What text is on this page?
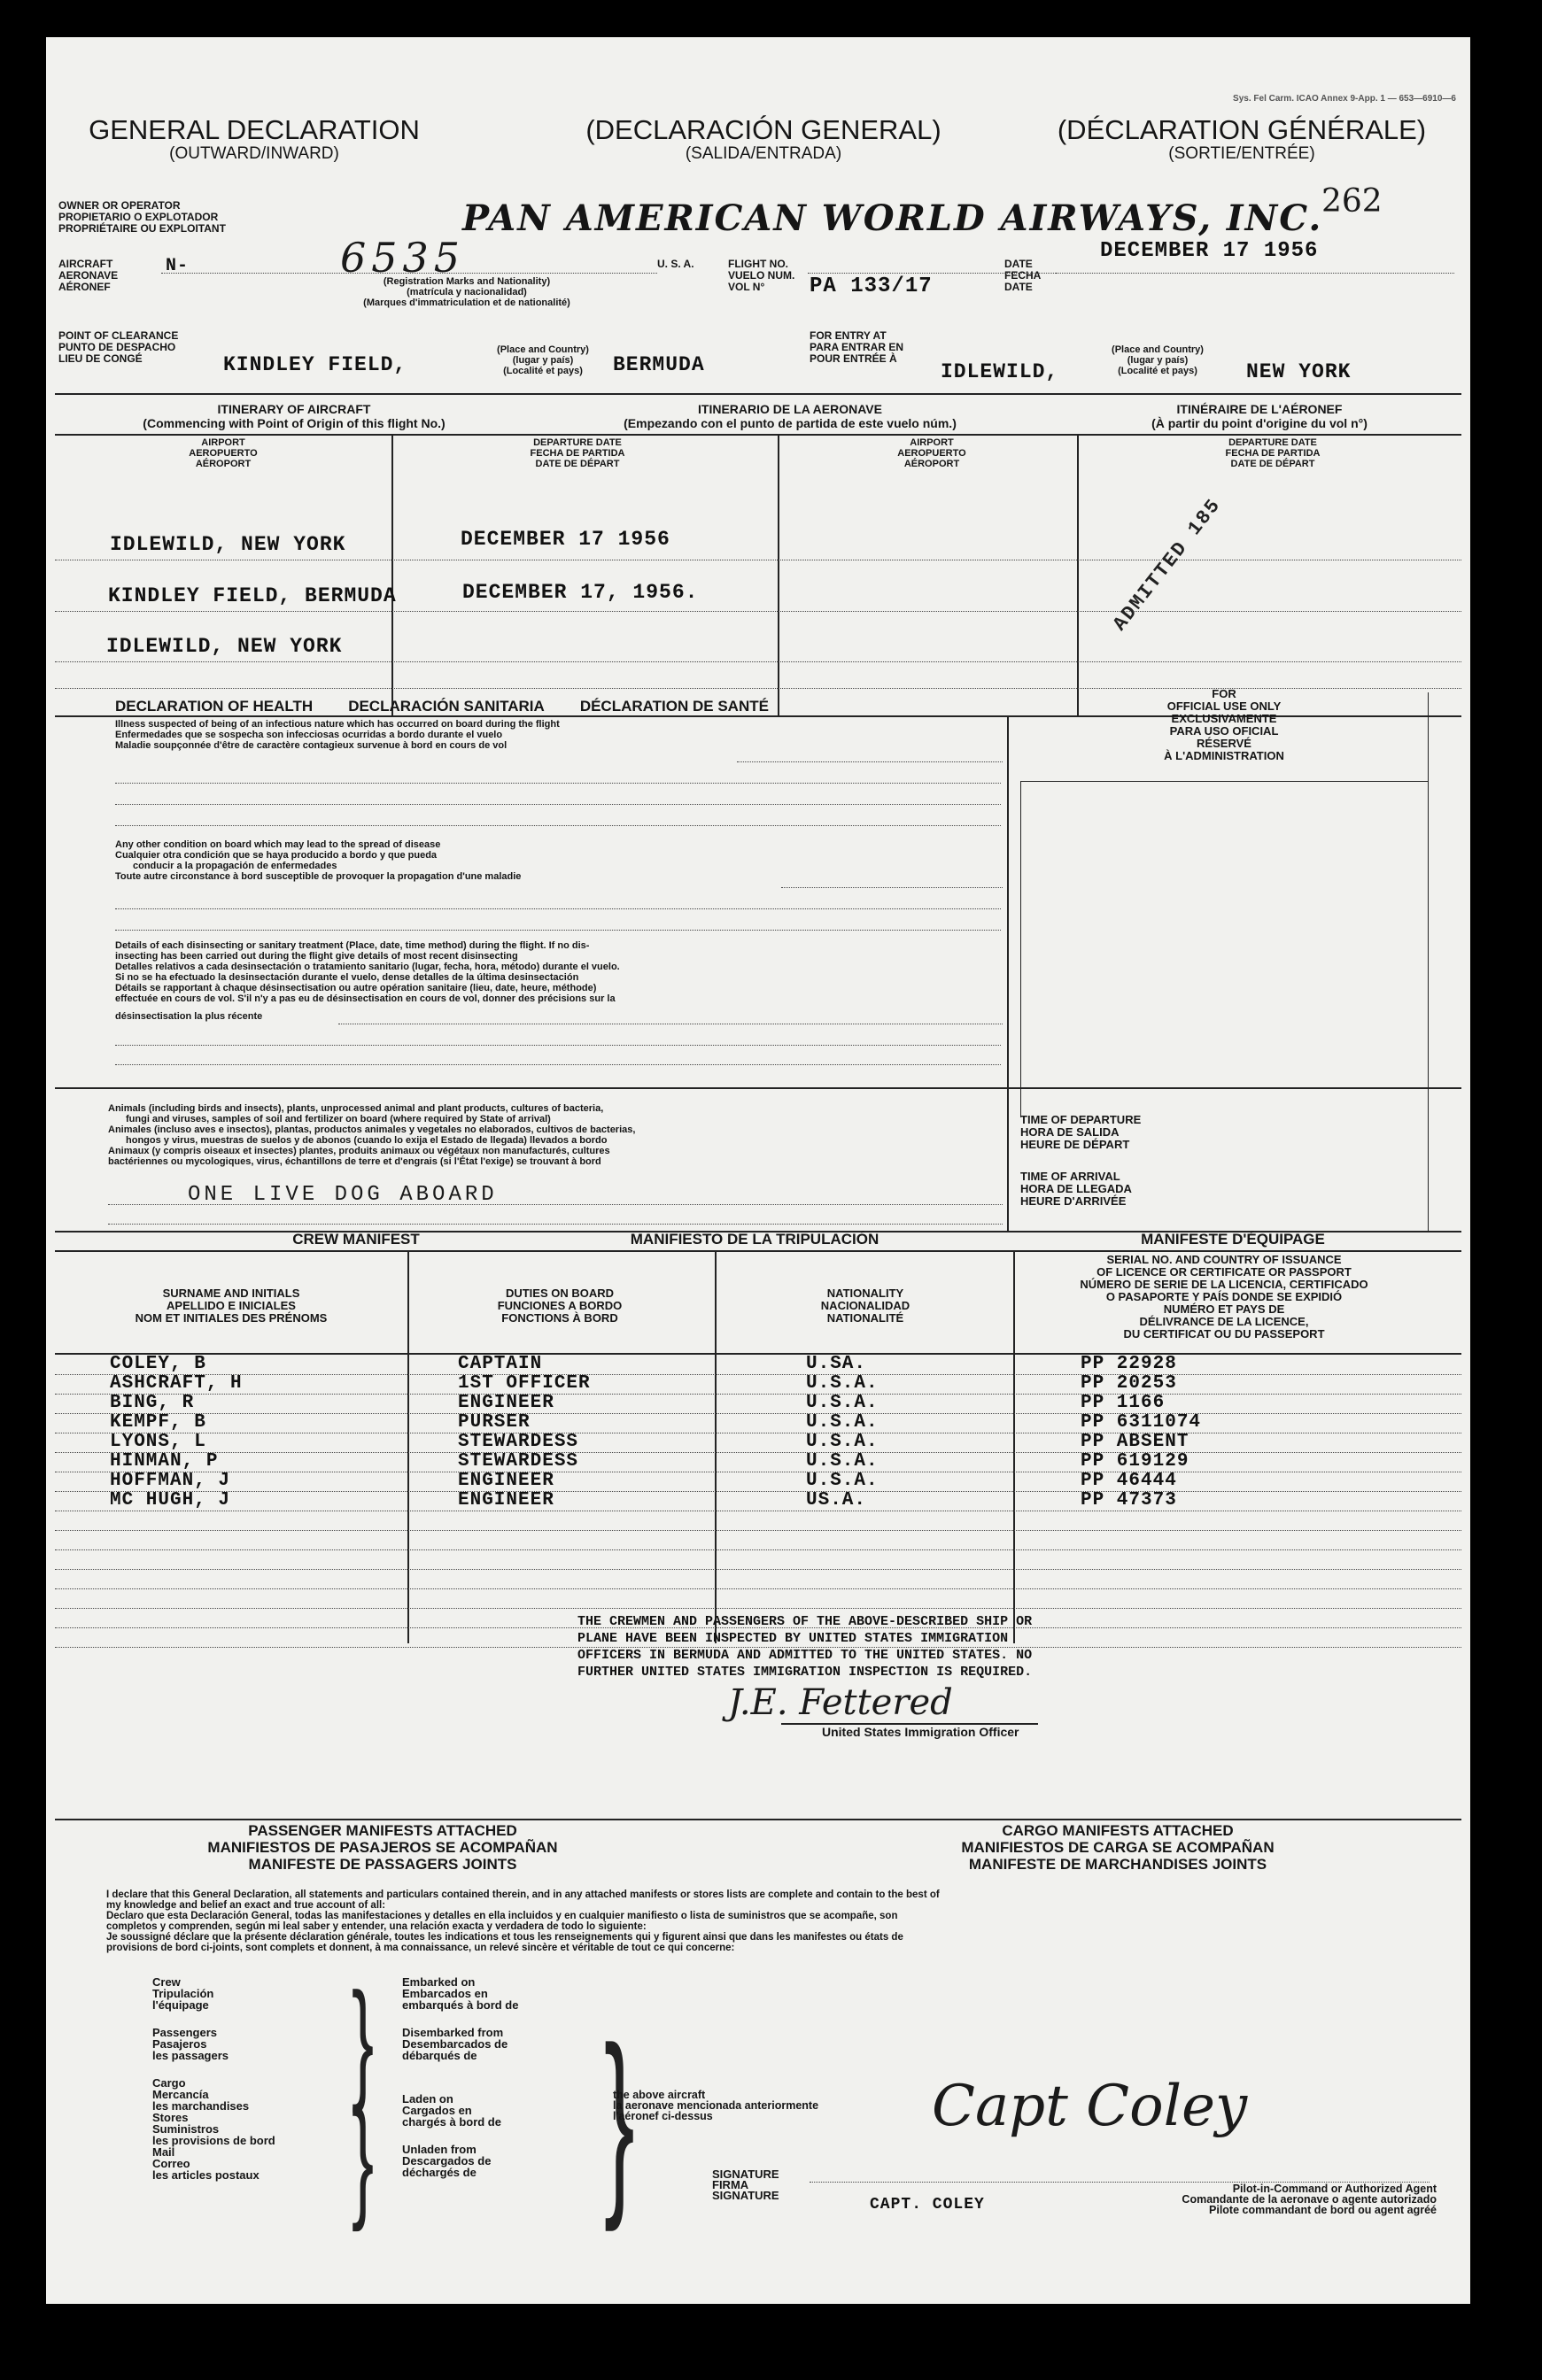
Sys. Fel Carm. ICAO Annex 9-App. 1 — 653—6910—6
GENERAL DECLARATION
(OUTWARD/INWARD)
(DECLARACIÓN GENERAL)
(SALIDA/ENTRADA)
(DÉCLARATION GÉNÉRALE)
(SORTIE/ENTRÉE)
262
OWNER OR OPERATOR
PROPIETARIO O EXPLOTADOR
PROPRIÉTAIRE OU EXPLOITANT	PAN AMERICAN WORLD AIRWAYS, INC.
AIRCRAFT
AERONAVE
AÉRONEF
N-	6535	U. S. A.
(Registration Marks and Nationality)
(matrícula y nacionalidad)
(Marques d'immatriculation et de nationalité)
FLIGHT NO.
VUELO NUM.
VOL N°	PA 133/17
DATE
FECHA
DATE
DECEMBER 17 1956
POINT OF CLEARANCE
PUNTO DE DESPACHO
LIEU DE CONGÉ	KINDLEY FIELD,
(Place and Country)
(lugar y país)
(Localité et pays)	BERMUDA
FOR ENTRY AT
PARA ENTRAR EN
POUR ENTRÉE À
IDLEWILD,
(Place and Country)
(lugar y país)
(Localité et pays)	NEW YORK
ITINERARY OF AIRCRAFT
(Commencing with Point of Origin of this flight No.)
ITINERARIO DE LA AERONAVE
(Empezando con el punto de partida de este vuelo núm.)
ITINÉRAIRE DE L'AÉRONEF
(À partir du point d'origine du vol n°)
AIRPORT
AEROPUERTO
AÉROPORT
DEPARTURE DATE
FECHA DE PARTIDA
DATE DE DÉPART
AIRPORT
AEROPUERTO
AÉROPORT
DEPARTURE DATE
FECHA DE PARTIDA
DATE DE DÉPART
IDLEWILD, NEW YORK	DECEMBER 17 1956
KINDLEY FIELD, BERMUDA	DECEMBER 17, 1956.
IDLEWILD, NEW YORK
ADMITTED 185
DECLARATION OF HEALTH DECLARACIÓN SANITARIA DÉCLARATION DE SANTÉ
Illness suspected of being of an infectious nature which has occurred on board during the flight
Enfermedades que se sospecha son infecciosas ocurridas a bordo durante el vuelo
Maladie soupçonnée d'être de caractère contagieux survenue à bord en cours de vol
Any other condition on board which may lead to the spread of disease
Cualquier otra condición que se haya producido a bordo y que pueda
conducir a la propagación de enfermedades
Toute autre circonstance à bord susceptible de provoquer la propagation d'une maladie
Details of each disinsecting or sanitary treatment (Place, date, time method) during the flight. If no dis-
insecting has been carried out during the flight give details of most recent disinsecting
Detalles relativos a cada desinsectación o tratamiento sanitario (lugar, fecha, hora, método) durante el vuelo.
Si no se ha efectuado la desinsectación durante el vuelo, dense detalles de la última desinsectación
Détails se rapportant à chaque désinsectisation ou autre opération sanitaire (lieu, date, heure, méthode)
effectuée en cours de vol. S'il n'y a pas eu de désinsectisation en cours de vol, donner des précisions sur la
désinsectisation la plus récente
FOR
OFFICIAL USE ONLY
EXCLUSIVAMENTE
PARA USO OFICIAL
RÉSERVÉ
À L'ADMINISTRATION
Animals (including birds and insects), plants, unprocessed animal and plant products, cultures of bacteria,
fungi and viruses, samples of soil and fertilizer on board (where required by State of arrival)
Animales (incluso aves e insectos), plantas, productos animales y vegetales no elaborados, cultivos de bacterias,
hongos y virus, muestras de suelos y de abonos (cuando lo exija el Estado de llegada) llevados a bordo
Animaux (y compris oiseaux et insectes) plantes, produits animaux ou végétaux non manufacturés, cultures
bactériennes ou mycologiques, virus, échantillons de terre et d'engrais (si l'État l'exige) se trouvant à bord
ONE LIVE DOG ABOARD
TIME OF DEPARTURE
HORA DE SALIDA
HEURE DE DÉPART
TIME OF ARRIVAL
HORA DE LLEGADA
HEURE D'ARRIVÉE
CREW MANIFEST	MANIFIESTO DE LA TRIPULACIÓN	MANIFESTE D'ÉQUIPAGE
SURNAME AND INITIALS
APELLIDO E INICIALES
NOM ET INITIALES DES PRÉNOMS
DUTIES ON BOARD
FUNCIONES A BORDO
FONCTIONS À BORD
NATIONALITY
NACIONALIDAD
NATIONALITÉ
SERIAL NO. AND COUNTRY OF ISSUANCE
OF LICENCE OR CERTIFICATE OR PASSPORT
NÚMERO DE SERIE DE LA LICENCIA, CERTIFICADO
O PASAPORTE Y PAÍS DONDE SE EXPIDIÓ
NUMÉRO ET PAYS DE
DÉLIVRANCE DE LA LICENCE,
DU CERTIFICAT OU DU PASSEPORT
COLEY, B	CAPTAIN	U.SA.	PP 22928
ASHCRAFT, H	1ST OFFICER	U.S.A.	PP 20253
BING, R	ENGINEER	U.S.A.	PP 1166
KEMPF, B	PURSER	U.S.A.	PP 6311074
LYONS, L	STEWARDESS	U.S.A.	PP ABSENT
HINMAN, P	STEWARDESS	U.S.A.	PP 619129
HOFFMAN, J	ENGINEER	U.S.A.	PP 46444
MC HUGH, J	ENGINEER	US.A.	PP 47373
THE CREWMEN AND PASSENGERS OF THE ABOVE-DESCRIBED SHIP OR
PLANE HAVE BEEN INSPECTED BY UNITED STATES IMMIGRATION
OFFICERS IN BERMUDA AND ADMITTED TO THE UNITED STATES. NO
FURTHER UNITED STATES IMMIGRATION INSPECTION IS REQUIRED.
J.E. Fettered
United States Immigration Officer
PASSENGER MANIFESTS ATTACHED
MANIFIESTOS DE PASAJEROS SE ACOMPAÑAN
MANIFESTE DE PASSAGERS JOINTS
CARGO MANIFESTS ATTACHED
MANIFIESTOS DE CARGA SE ACOMPAÑAN
MANIFESTE DE MARCHANDISES JOINTS
I declare that this General Declaration, all statements and particulars contained therein, and in any attached manifests or stores lists are complete and contain to the best of
my knowledge and belief an exact and true account of all:
Declaro que esta Declaración General, todas las manifestaciones y detalles en ella incluidos y en cualquier manifiesto o lista de suministros que se acompañe, son
completos y comprenden, según mi leal saber y entender, una relación exacta y verdadera de todo lo siguiente:
Je soussigné déclare que la présente déclaration générale, toutes les indications et tous les renseignements qui y figurent ainsi que dans les manifestes ou états de
provisions de bord ci-joints, sont complets et donnent, à ma connaissance, un relevé sincère et véritable de tout ce qui concerne:
Crew
Tripulación
l'équipage
Passengers
Pasajeros
les passagers
Cargo
Mercancía
les marchandises
Stores
Suministros
les provisions de bord
Mail
Correo
les articles postaux
}
}
Embarked on
Embarcados en
embarqués à bord de
Disembarked from
Desembarcados de
débarqués de
Laden on
Cargados en
chargés à bord de
Unladen from
Descargados de
déchargés de }
the above aircraft
la aeronave mencionada anteriormente
l'aéronef ci-dessus	Capt Coley
SIGNATURE
FIRMA
SIGNATURE
CAPT. COLEY
Pilot-in-Command or Authorized Agent
Comandante de la aeronave o agente autorizado
Pilote commandant de bord ou agent agréé
